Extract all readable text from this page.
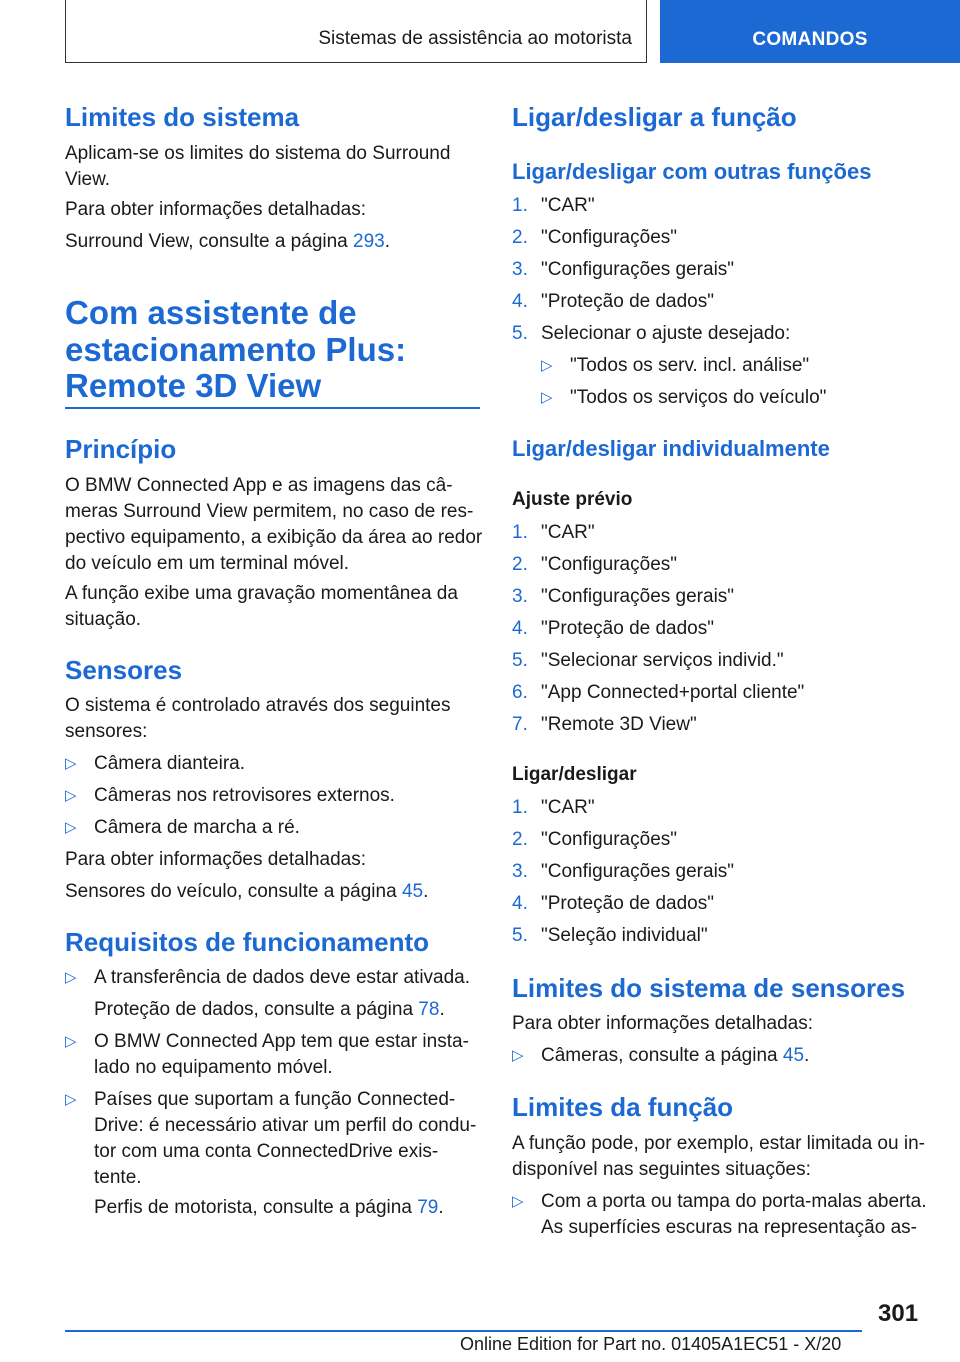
Sistemas de assistência ao motorista	COMANDOS
Limites do sistema
Aplicam-se os limites do sistema do Surround
View.
Para obter informações detalhadas:
Surround View, consulte a página 293.
Com assistente de
estacionamento Plus:
Remote 3D View
Princípio
O BMW Connected App e as imagens das câ-
meras Surround View permitem, no caso de res-
pectivo equipamento, a exibição da área ao redor
do veículo em um terminal móvel.
A função exibe uma gravação momentânea da
situação.
Sensores
O sistema é controlado através dos seguintes
sensores:
▷ Câmera dianteira.
▷ Câmeras nos retrovisores externos.
▷ Câmera de marcha a ré.
Para obter informações detalhadas:
Sensores do veículo, consulte a página 45.
Requisitos de funcionamento
▷ A transferência de dados deve estar ativada.
Proteção de dados, consulte a página 78.
▷ O BMW Connected App tem que estar insta-
lado no equipamento móvel.
▷ Países que suportam a função Connected-
Drive: é necessário ativar um perfil do condu-
tor com uma conta ConnectedDrive exis-
tente.
Perfis de motorista, consulte a página 79.
Ligar/desligar a função
Ligar/desligar com outras funções
1. "CAR"
2. "Configurações"
3. "Configurações gerais"
4. "Proteção de dados"
5. Selecionar o ajuste desejado:
▷ "Todos os serv. incl. análise"
▷ "Todos os serviços do veículo"
Ligar/desligar individualmente
Ajuste prévio
1. "CAR"
2. "Configurações"
3. "Configurações gerais"
4. "Proteção de dados"
5. "Selecionar serviços individ."
6. "App Connected+portal cliente"
7. "Remote 3D View"
Ligar/desligar
1. "CAR"
2. "Configurações"
3. "Configurações gerais"
4. "Proteção de dados"
5. "Seleção individual"
Limites do sistema de sensores
Para obter informações detalhadas:
▷ Câmeras, consulte a página 45.
Limites da função
A função pode, por exemplo, estar limitada ou in-
disponível nas seguintes situações:
▷ Com a porta ou tampa do porta-malas aberta.
As superfícies escuras na representação as-
301
Online Edition for Part no. 01405A1EC51 - X/20
